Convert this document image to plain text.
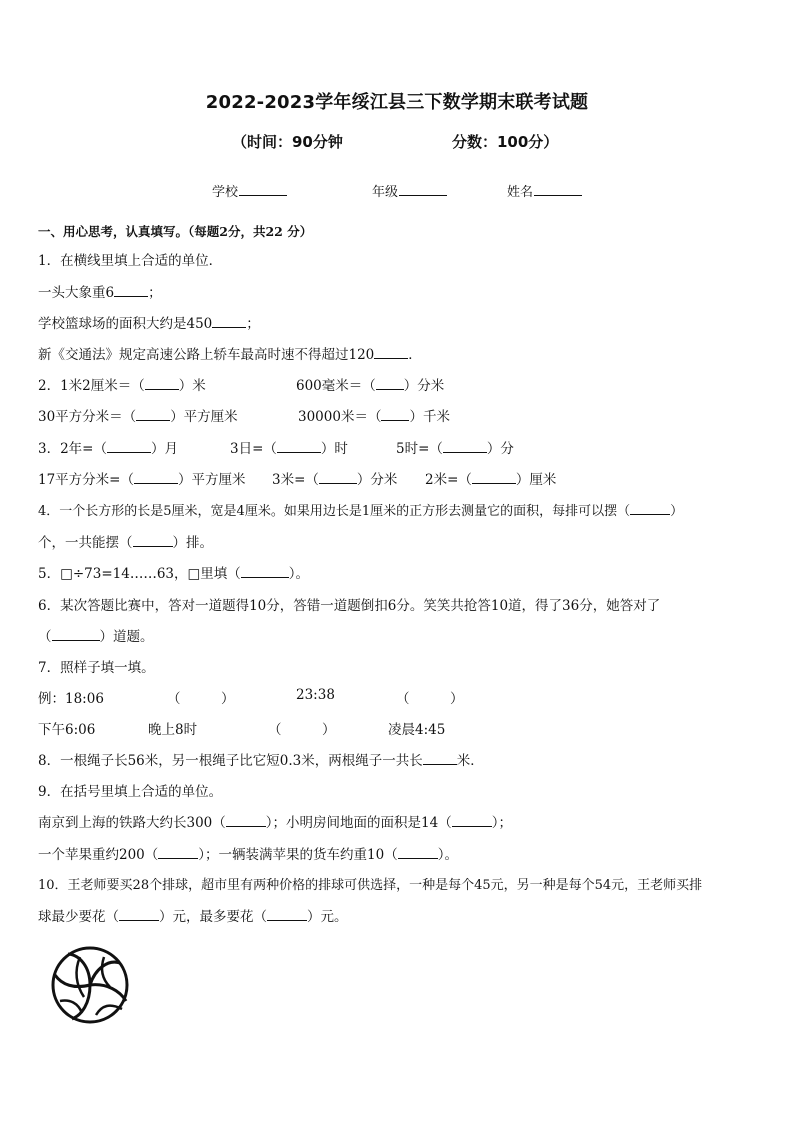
2022-2023学年绥江县三下数学期末联考试题
（时间：90分钟	分数：100分）
学校	年级	姓名
一、用心思考，认真填写。（每题2分，共22 分）
1．在横线里填上合适的单位．
一头大象重6	；
学校篮球场的面积大约是450	；
新《交通法》规定高速公路上轿车最高时速不得超过120	．
2．1米2厘米＝（	）米	600毫米＝（ ）分米
30平方分米＝（	）平方厘米	30000米＝（ ）千米
3．2年=（	）月	3日=（	）时	5时=（	）分
17平方分米=（	）平方厘米 3米=（	）分米 2米=（	）厘米
4．一个长方形的长是5厘米，宽是4厘米。如果用边长是1厘米的正方形去测量它的面积，每排可以摆（	）
个，一共能摆（	）排。
5．□÷73=14……63，□里填（	）。
6．某次答题比赛中，答对一道题得10分，答错一道题倒扣6分。笑笑共抢答10道，得了36分，她答对了
（	）道题。
7．照样子填一填。
例：18:06	（　　　）	23:38	（　　　）
下午6:06	晚上8时	（　　　）	凌晨4:45
8．一根绳子长56米，另一根绳子比它短0.3米，两根绳子一共长	米．
9．在括号里填上合适的单位。
南京到上海的铁路大约长300（	）；小明房间地面的面积是14（	）；
一个苹果重约200（	）；一辆装满苹果的货车约重10（	）。
10．王老师要买28个排球，超市里有两种价格的排球可供选择，一种是每个45元，另一种是每个54元，王老师买排
球最少要花（	）元，最多要花（	）元。
